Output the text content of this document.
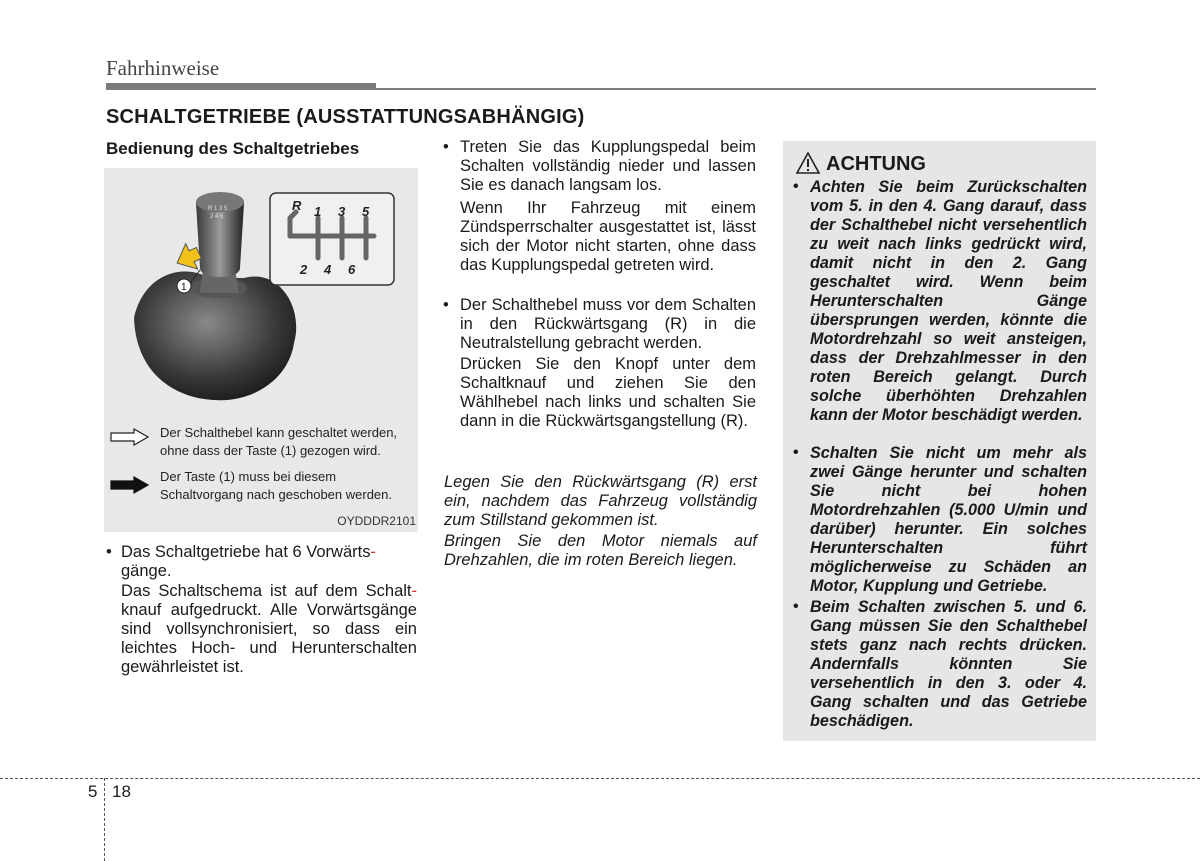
Fahrhinweise
SCHALTGETRIEBE (AUSSTATTUNGSABHÄNGIG)
Bedienung des Schaltgetriebes
R 1 3 5
2 4 6
1
R 1 3 5
2 4 6
Der Schalthebel kann geschaltet werden, ohne dass der Taste (1) gezogen wird.
Der Taste (1) muss bei diesem Schaltvorgang nach geschoben werden.
OYDDDR2101
• Das Schaltgetriebe hat 6 Vorwärts-
gänge.
Das Schaltschema ist auf dem Schalt-knauf aufgedruckt. Alle Vorwärtsgänge sind vollsynchronisiert, so dass ein leichtes Hoch- und Herunterschalten gewährleistet ist.
• Treten Sie das Kupplungspedal beim Schalten vollständig nieder und lassen Sie es danach langsam los.
Wenn Ihr Fahrzeug mit einem Zündsperrschalter ausgestattet ist, lässt sich der Motor nicht starten, ohne dass das Kupplungspedal getreten wird.
• Der Schalthebel muss vor dem Schalten in den Rückwärtsgang (R) in die Neutralstellung gebracht werden.
Drücken Sie den Knopf unter dem Schaltknauf und ziehen Sie den Wählhebel nach links und schalten Sie dann in die Rückwärtsgangstellung (R).
Legen Sie den Rückwärtsgang (R) erst ein, nachdem das Fahrzeug vollständig zum Stillstand gekommen ist.
Bringen Sie den Motor niemals auf Drehzahlen, die im roten Bereich liegen.
ACHTUNG
• Achten Sie beim Zurückschalten vom 5. in den 4. Gang darauf, dass der Schalthebel nicht versehentlich zu weit nach links gedrückt wird, damit nicht in den 2. Gang geschaltet wird. Wenn beim Herunterschalten Gänge übersprungen werden, könnte die Motordrehzahl so weit ansteigen, dass der Drehzahlmesser in den roten Bereich gelangt. Durch solche überhöhten Drehzahlen kann der Motor beschädigt werden.
• Schalten Sie nicht um mehr als zwei Gänge herunter und schalten Sie nicht bei hohen Motordrehzahlen (5.000 U/min und darüber) herunter. Ein solches Herunterschalten führt möglicherweise zu Schäden an Motor, Kupplung und Getriebe.
• Beim Schalten zwischen 5. und 6. Gang müssen Sie den Schalthebel stets ganz nach rechts drücken. Andernfalls könnten Sie versehentlich in den 3. oder 4. Gang schalten und das Getriebe beschädigen.
5 18
